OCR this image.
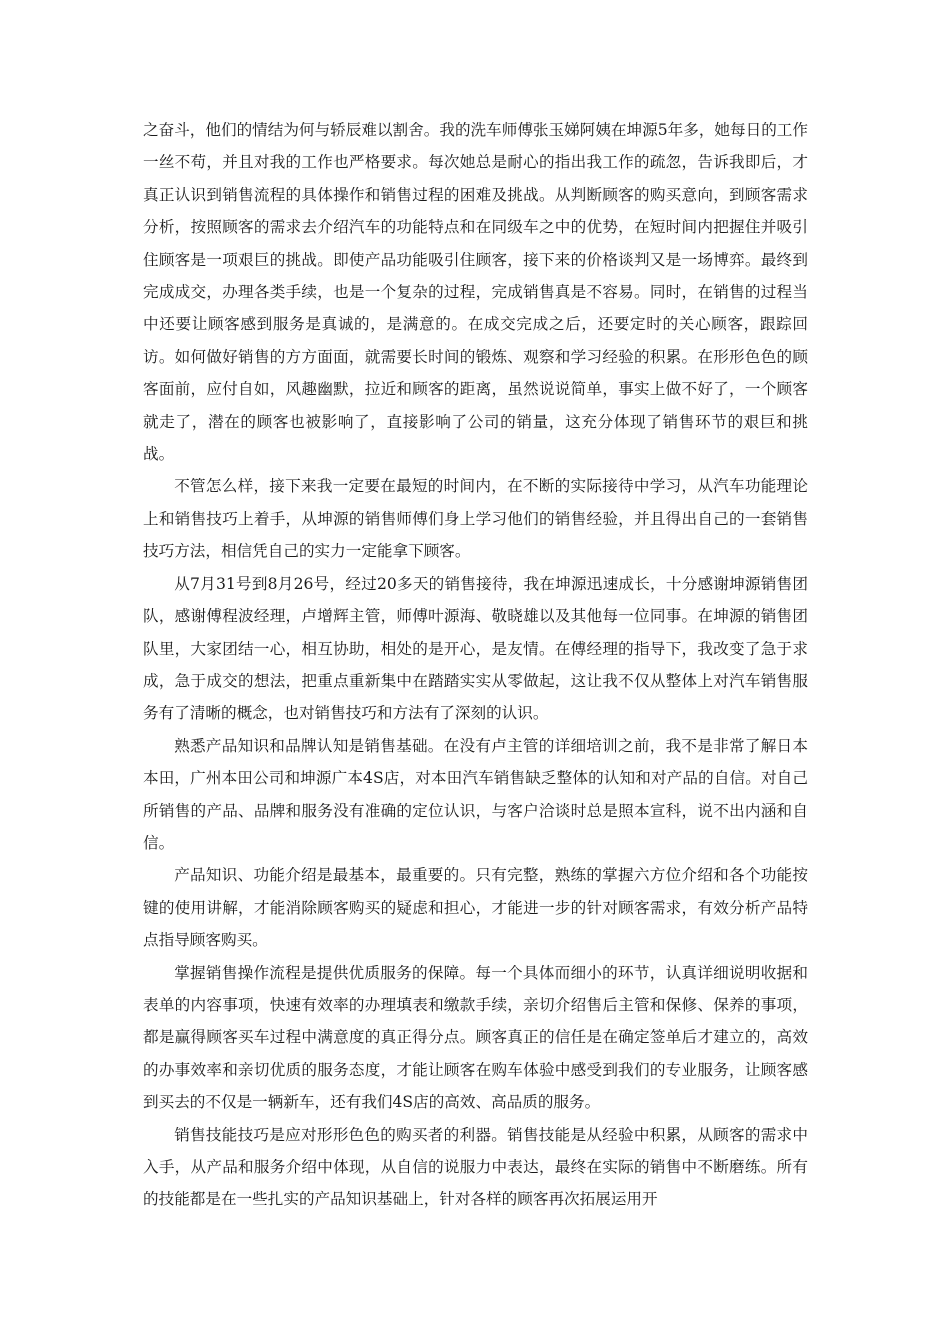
之奋斗，他们的情结为何与轿辰难以割舍。我的洗车师傅张玉娣阿姨在坤源5年多，她每日的工作一丝不苟，并且对我的工作也严格要求。每次她总是耐心的指出我工作的疏忽，告诉我即后，才真正认识到销售流程的具体操作和销售过程的困难及挑战。从判断顾客的购买意向，到顾客需求分析，按照顾客的需求去介绍汽车的功能特点和在同级车之中的优势，在短时间内把握住并吸引住顾客是一项艰巨的挑战。即使产品功能吸引住顾客，接下来的价格谈判又是一场博弈。最终到完成成交，办理各类手续，也是一个复杂的过程，完成销售真是不容易。同时，在销售的过程当中还要让顾客感到服务是真诚的，是满意的。在成交完成之后，还要定时的关心顾客，跟踪回访。如何做好销售的方方面面，就需要长时间的锻炼、观察和学习经验的积累。在形形色色的顾客面前，应付自如，风趣幽默，拉近和顾客的距离，虽然说说简单，事实上做不好了，一个顾客就走了，潜在的顾客也被影响了，直接影响了公司的销量，这充分体现了销售环节的艰巨和挑战。

不管怎么样，接下来我一定要在最短的时间内，在不断的实际接待中学习，从汽车功能理论上和销售技巧上着手，从坤源的销售师傅们身上学习他们的销售经验，并且得出自己的一套销售技巧方法，相信凭自己的实力一定能拿下顾客。

从7月31号到8月26号，经过20多天的销售接待，我在坤源迅速成长，十分感谢坤源销售团队，感谢傅程波经理，卢增辉主管，师傅叶源海、敬晓雄以及其他每一位同事。在坤源的销售团队里，大家团结一心，相互协助，相处的是开心，是友情。在傅经理的指导下，我改变了急于求成，急于成交的想法，把重点重新集中在踏踏实实从零做起，这让我不仅从整体上对汽车销售服务有了清晰的概念，也对销售技巧和方法有了深刻的认识。

熟悉产品知识和品牌认知是销售基础。在没有卢主管的详细培训之前，我不是非常了解日本本田，广州本田公司和坤源广本4S店，对本田汽车销售缺乏整体的认知和对产品的自信。对自己所销售的产品、品牌和服务没有准确的定位认识，与客户洽谈时总是照本宣科，说不出内涵和自信。

产品知识、功能介绍是最基本，最重要的。只有完整，熟练的掌握六方位介绍和各个功能按键的使用讲解，才能消除顾客购买的疑虑和担心，才能进一步的针对顾客需求，有效分析产品特点指导顾客购买。

掌握销售操作流程是提供优质服务的保障。每一个具体而细小的环节，认真详细说明收据和表单的内容事项，快速有效率的办理填表和缴款手续，亲切介绍售后主管和保修、保养的事项，都是赢得顾客买车过程中满意度的真正得分点。顾客真正的信任是在确定签单后才建立的，高效的办事效率和亲切优质的服务态度，才能让顾客在购车体验中感受到我们的专业服务，让顾客感到买去的不仅是一辆新车，还有我们4S店的高效、高品质的服务。

销售技能技巧是应对形形色色的购买者的利器。销售技能是从经验中积累，从顾客的需求中入手，从产品和服务介绍中体现，从自信的说服力中表达，最终在实际的销售中不断磨练。所有的技能都是在一些扎实的产品知识基础上，针对各样的顾客再次拓展运用开
